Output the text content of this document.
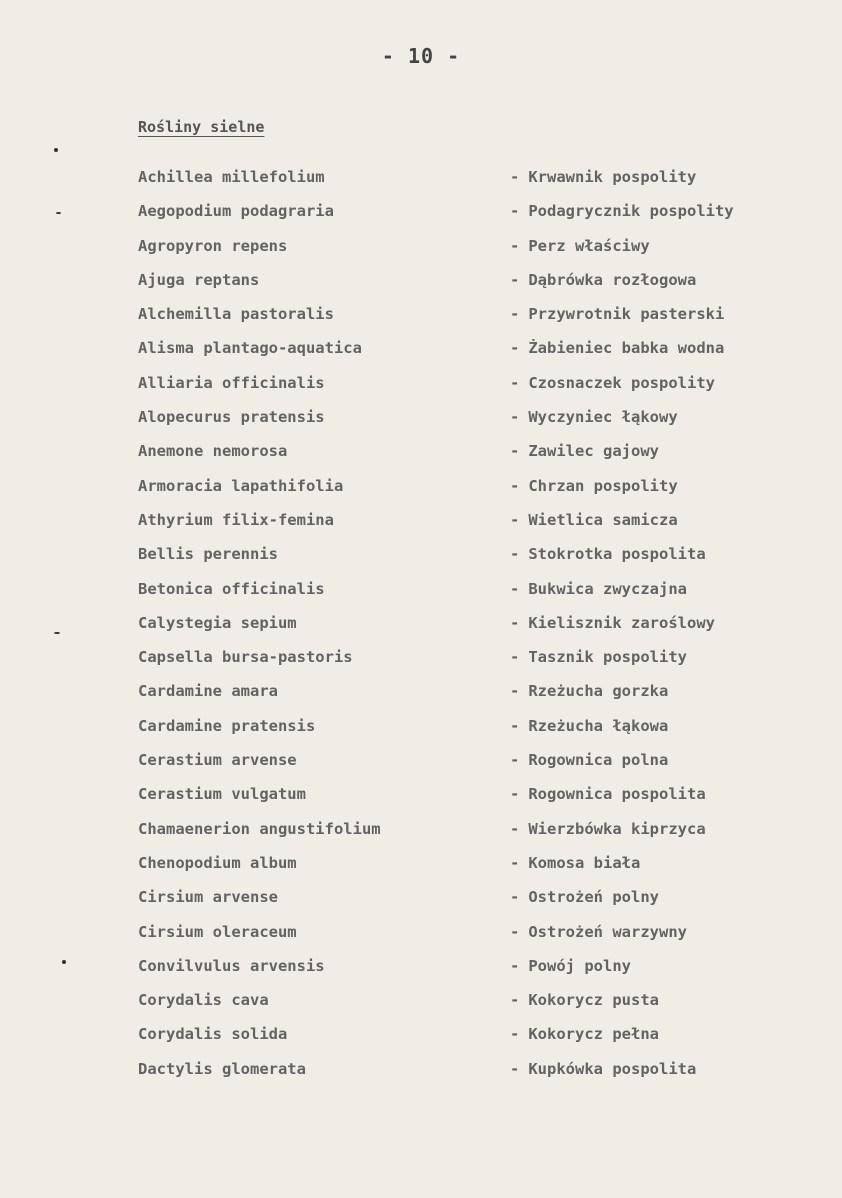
- 10 -
Rośliny sielne
Achillea millefolium	- Krwawnik pospolity
Aegopodium podagraria	- Podagrycznik pospolity
Agropyron repens	- Perz właściwy
Ajuga reptans	- Dąbrówka rozłogowa
Alchemilla pastoralis	- Przywrotnik pasterski
Alisma plantago-aquatica	- Żabieniec babka wodna
Alliaria officinalis	- Czosnaczek pospolity
Alopecurus pratensis	- Wyczyniec łąkowy
Anemone nemorosa	- Zawilec gajowy
Armoracia lapathifolia	- Chrzan pospolity
Athyrium filix-femina	- Wietlica samicza
Bellis perennis	- Stokrotka pospolita
Betonica officinalis	- Bukwica zwyczajna
Calystegia sepium	- Kielisznik zaroślowy
Capsella bursa-pastoris	- Tasznik pospolity
Cardamine amara	- Rzeżucha gorzka
Cardamine pratensis	- Rzeżucha łąkowa
Cerastium arvense	- Rogownica polna
Cerastium vulgatum	- Rogownica pospolita
Chamaenerion angustifolium	- Wierzbówka kiprzyca
Chenopodium album	- Komosa biała
Cirsium arvense	- Ostrożeń polny
Cirsium oleraceum	- Ostrożeń warzywny
Convilvulus arvensis	- Powój polny
Corydalis cava	- Kokorycz pusta
Corydalis solida	- Kokorycz pełna
Dactylis glomerata	- Kupkówka pospolita
